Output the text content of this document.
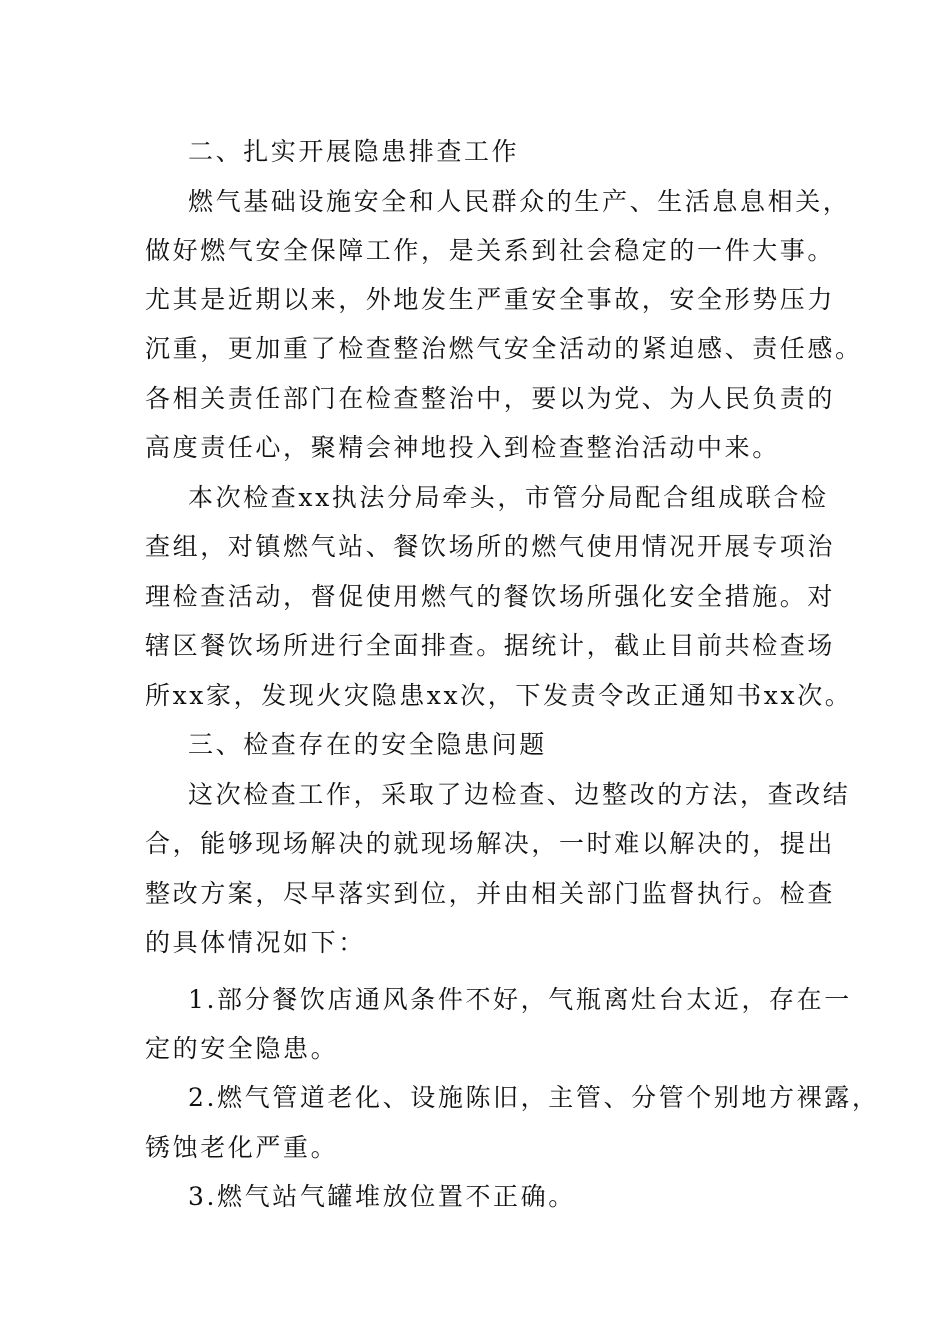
二、扎实开展隐患排查工作

燃气基础设施安全和人民群众的生产、生活息息相关，

做好燃气安全保障工作，是关系到社会稳定的一件大事。

尤其是近期以来，外地发生严重安全事故，安全形势压力

沉重，更加重了检查整治燃气安全活动的紧迫感、责任感。

各相关责任部门在检查整治中，要以为党、为人民负责的

高度责任心，聚精会神地投入到检查整治活动中来。

本次检查xx执法分局牵头，市管分局配合组成联合检

查组，对镇燃气站、餐饮场所的燃气使用情况开展专项治

理检查活动，督促使用燃气的餐饮场所强化安全措施。对

辖区餐饮场所进行全面排查。据统计，截止目前共检查场

所xx家，发现火灾隐患xx次，下发责令改正通知书xx次。

三、检查存在的安全隐患问题

这次检查工作，采取了边检查、边整改的方法，查改结

合，能够现场解决的就现场解决，一时难以解决的，提出

整改方案，尽早落实到位，并由相关部门监督执行。检查

的具体情况如下：

1.部分餐饮店通风条件不好，气瓶离灶台太近，存在一

定的安全隐患。

2.燃气管道老化、设施陈旧，主管、分管个别地方裸露，

锈蚀老化严重。

3.燃气站气罐堆放位置不正确。
